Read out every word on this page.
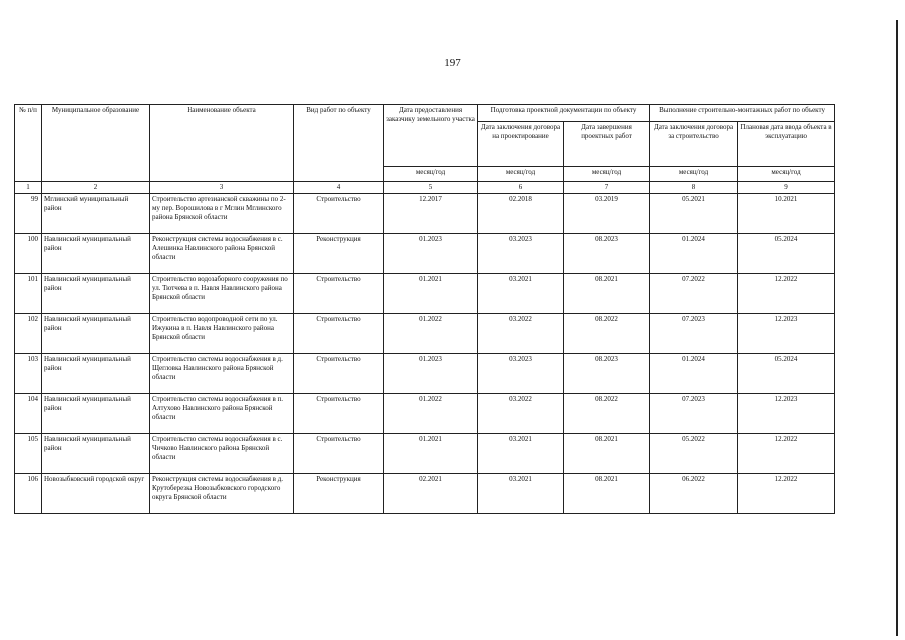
197
№ п/п	Муниципальное образование	Наименование объекта	Вид работ по объекту	Дата предоставления заказчику земельного участка	Подготовка проектной документации по объекту		Выполнение строительно-монтажных работ по объекту	
					Дата заключения договора на проектирование	Дата завершения проектных работ	Дата заключения договора за строительство	Плановая дата ввода объекта в эксплуатацию
				месяц/год	месяц/год	месяц/год	месяц/год	месяц/год
1	2	3	4	5	6	7	8	9
99	Мглинский муниципальный район	Строительство артезианской скважины по 2-му пер. Ворошилова в г Мглин Мглинского района Брянской области	Строительство	12.2017	02.2018	03.2019	05.2021	10.2021
100	Навлинский муниципальный район	Реконструкция системы водоснабжения в с. Алешинка Навлинского района Брянской области	Реконструкция	01.2023	03.2023	08.2023	01.2024	05.2024
101	Навлинский муниципальный район	Строительство водозаборного сооружения по ул. Тютчева в п. Навля Навлинского района Брянской области	Строительство	01.2021	03.2021	08.2021	07.2022	12.2022
102	Навлинский муниципальный район	Строительство водопроводной сети по ул. Ижукина в п. Навля Навлинского района Брянской области	Строительство	01.2022	03.2022	08.2022	07.2023	12.2023
103	Навлинский муниципальный район	Строительство системы водоснабжения в д. Щегловка Навлинского района Брянской области	Строительство	01.2023	03.2023	08.2023	01.2024	05.2024
104	Навлинский муниципальный район	Строительство системы водоснабжения в п. Алтухово Навлинского района Брянской области	Строительство	01.2022	03.2022	08.2022	07.2023	12.2023
105	Навлинский муниципальный район	Строительство системы водоснабжения в с. Чичково Навлинского района Брянской области	Строительство	01.2021	03.2021	08.2021	05.2022	12.2022
106	Новозыбковский городской округ	Реконструкция системы водоснабжения в д. Крутоберезка Новозыбковского городского округа Брянской области	Реконструкция	02.2021	03.2021	08.2021	06.2022	12.2022
